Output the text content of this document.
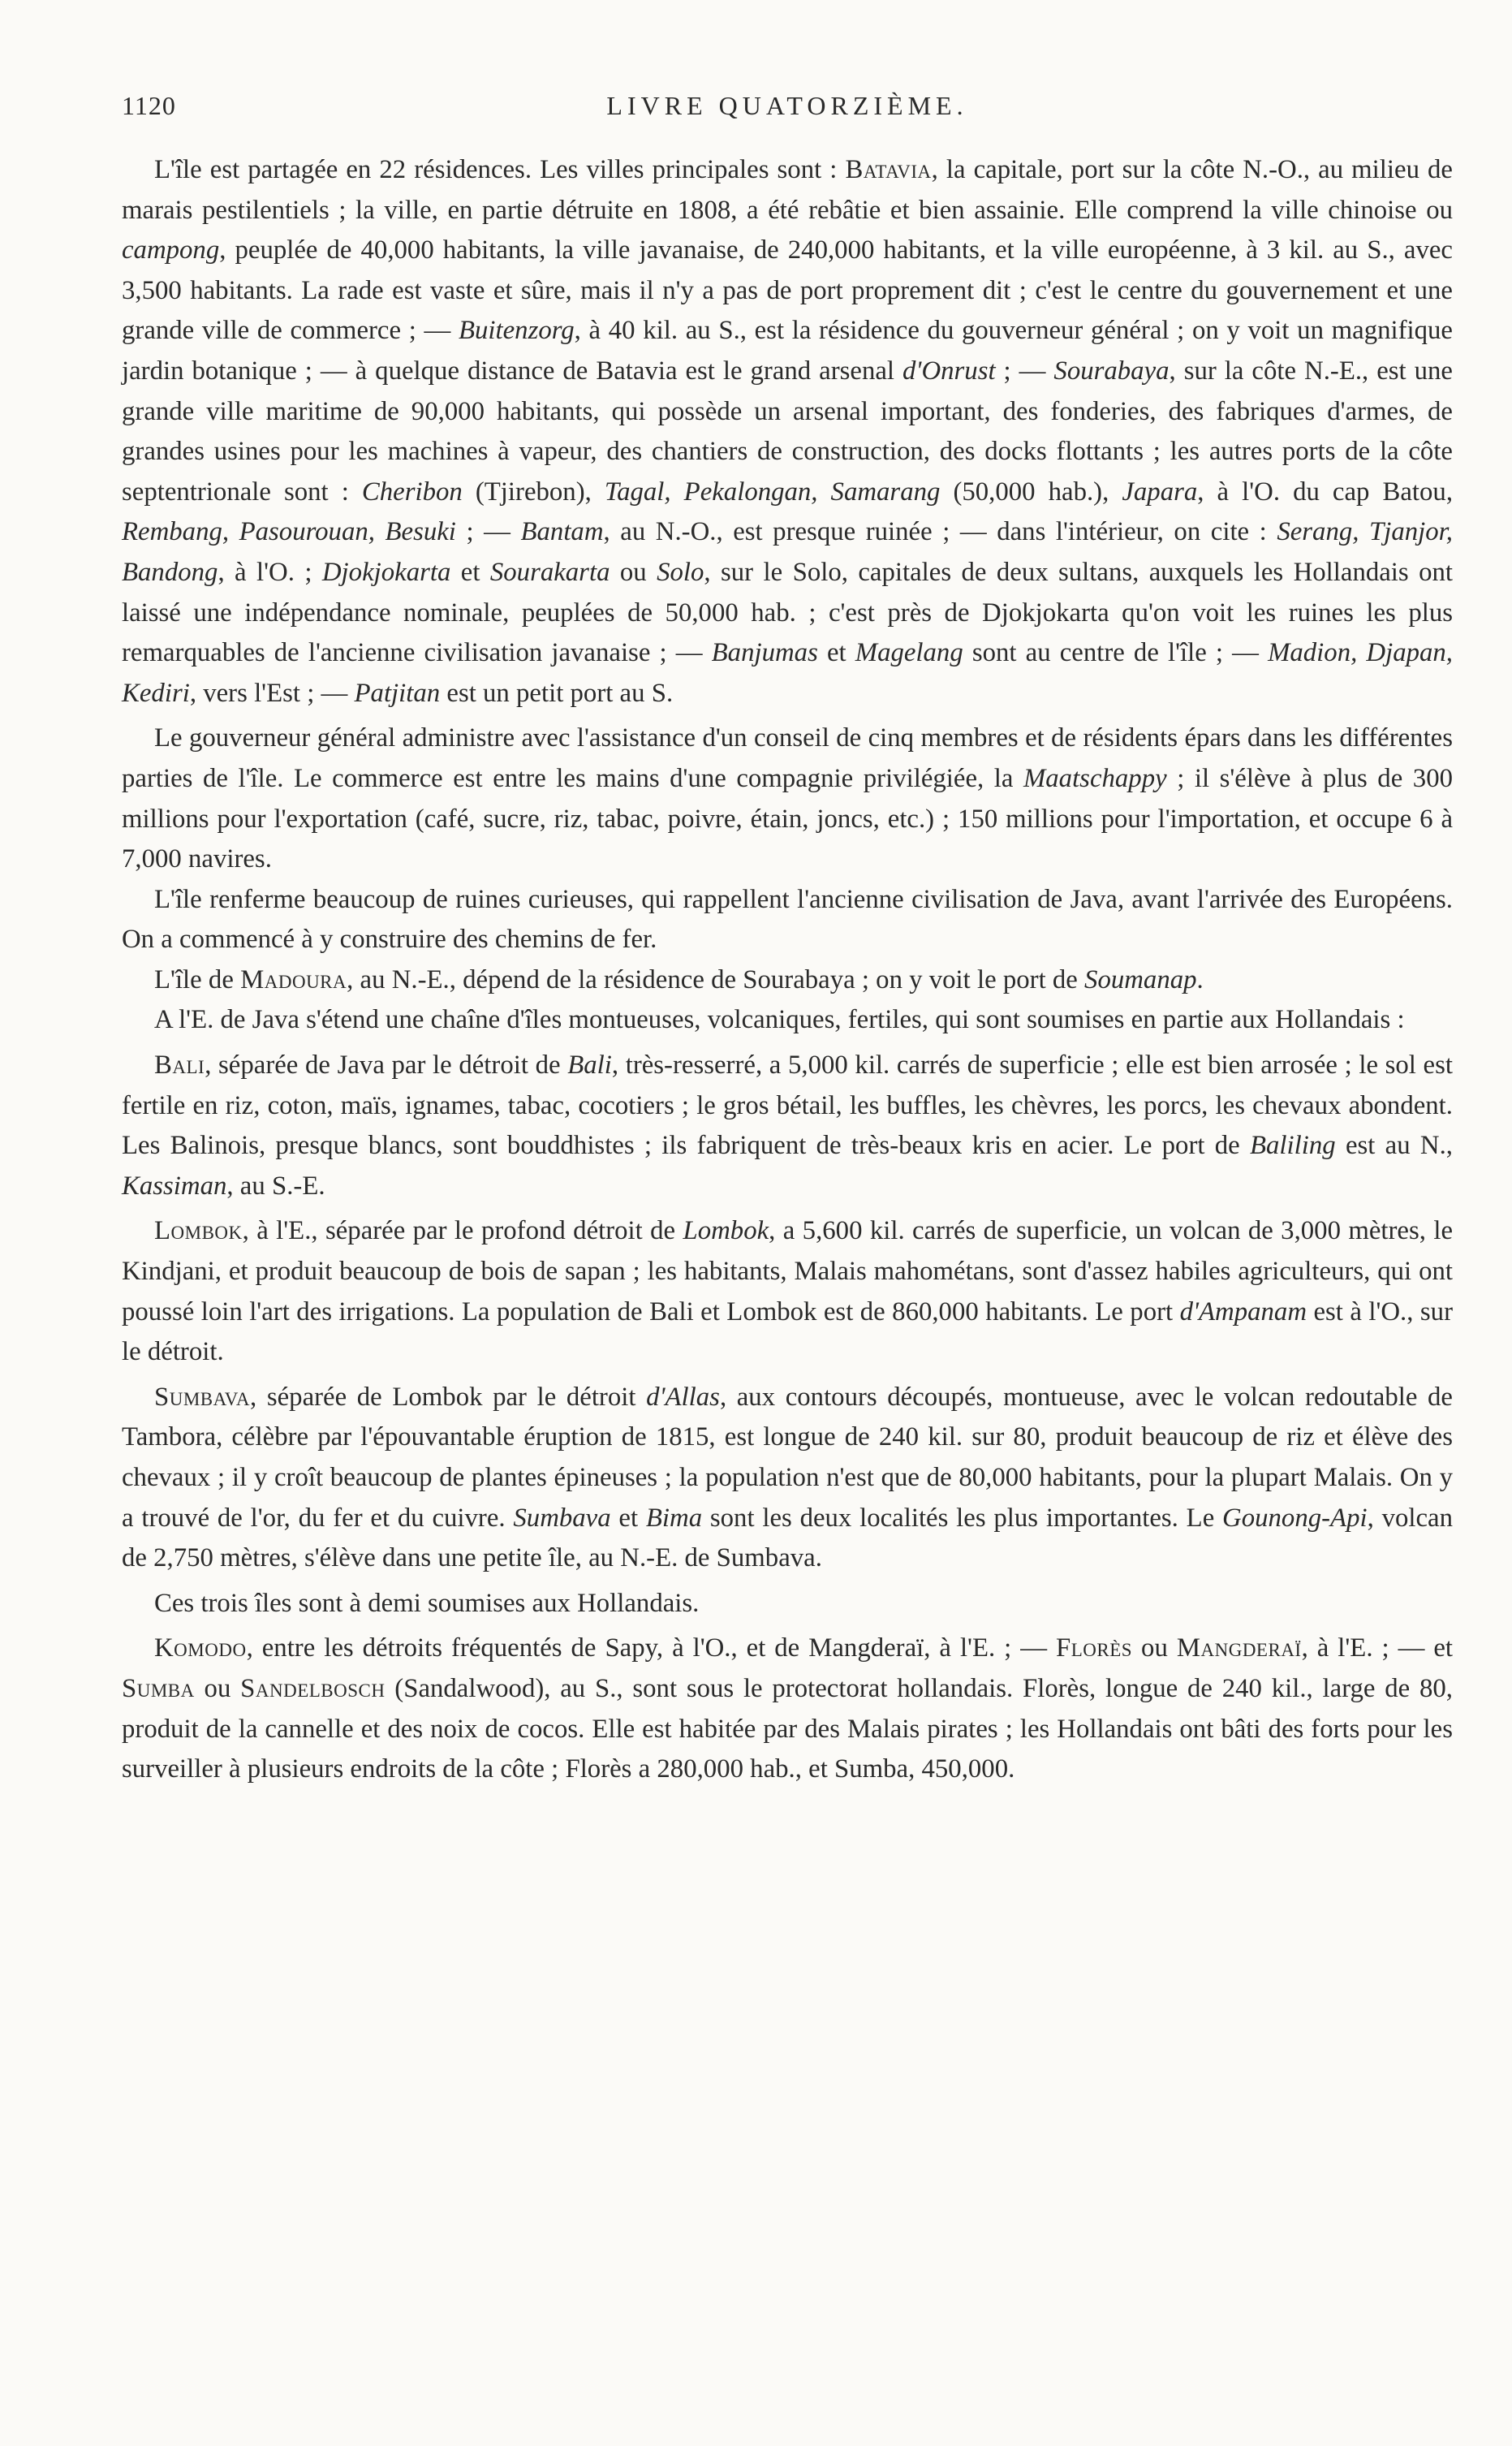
1120	LIVRE QUATORZIÈME.

L'île est partagée en 22 résidences. Les villes principales sont : Batavia, la capitale, port sur la côte N.-O., au milieu de marais pestilentiels ; la ville, en partie détruite en 1808, a été rebâtie et bien assainie. Elle comprend la ville chinoise ou campong, peuplée de 40,000 habitants, la ville javanaise, de 240,000 habitants, et la ville européenne, à 3 kil. au S., avec 3,500 habitants. La rade est vaste et sûre, mais il n'y a pas de port proprement dit ; c'est le centre du gouvernement et une grande ville de commerce ; — Buitenzorg, à 40 kil. au S., est la résidence du gouverneur général ; on y voit un magnifique jardin botanique ; — à quelque distance de Batavia est le grand arsenal d'Onrust ; — Sourabaya, sur la côte N.-E., est une grande ville maritime de 90,000 habitants, qui possède un arsenal important, des fonderies, des fabriques d'armes, de grandes usines pour les machines à vapeur, des chantiers de construction, des docks flottants ; les autres ports de la côte septentrionale sont : Cheribon (Tjirebon), Tagal, Pekalongan, Samarang (50,000 hab.), Japara, à l'O. du cap Batou, Rembang, Pasourouan, Besuki ; — Bantam, au N.-O., est presque ruinée ; — dans l'intérieur, on cite : Serang, Tjanjor, Bandong, à l'O. ; Djokjokarta et Sourakarta ou Solo, sur le Solo, capitales de deux sultans, auxquels les Hollandais ont laissé une indépendance nominale, peuplées de 50,000 hab. ; c'est près de Djokjokarta qu'on voit les ruines les plus remarquables de l'ancienne civilisation javanaise ; — Banjumas et Magelang sont au centre de l'île ; — Madion, Djapan, Kediri, vers l'Est ; — Patjitan est un petit port au S.

Le gouverneur général administre avec l'assistance d'un conseil de cinq membres et de résidents épars dans les différentes parties de l'île. Le commerce est entre les mains d'une compagnie privilégiée, la Maatschappy ; il s'élève à plus de 300 millions pour l'exportation (café, sucre, riz, tabac, poivre, étain, joncs, etc.) ; 150 millions pour l'importation, et occupe 6 à 7,000 navires.

L'île renferme beaucoup de ruines curieuses, qui rappellent l'ancienne civilisation de Java, avant l'arrivée des Européens. On a commencé à y construire des chemins de fer.

L'île de Madoura, au N.-E., dépend de la résidence de Sourabaya ; on y voit le port de Soumanap.

A l'E. de Java s'étend une chaîne d'îles montueuses, volcaniques, fertiles, qui sont soumises en partie aux Hollandais :

Bali, séparée de Java par le détroit de Bali, très-resserré, a 5,000 kil. carrés de superficie ; elle est bien arrosée ; le sol est fertile en riz, coton, maïs, ignames, tabac, cocotiers ; le gros bétail, les buffles, les chèvres, les porcs, les chevaux abondent. Les Balinois, presque blancs, sont bouddhistes ; ils fabriquent de très-beaux kris en acier. Le port de Baliling est au N., Kassiman, au S.-E.

Lombok, à l'E., séparée par le profond détroit de Lombok, a 5,600 kil. carrés de superficie, un volcan de 3,000 mètres, le Kindjani, et produit beaucoup de bois de sapan ; les habitants, Malais mahométans, sont d'assez habiles agriculteurs, qui ont poussé loin l'art des irrigations. La population de Bali et Lombok est de 860,000 habitants. Le port d'Ampanam est à l'O., sur le détroit.

Sumbava, séparée de Lombok par le détroit d'Allas, aux contours découpés, montueuse, avec le volcan redoutable de Tambora, célèbre par l'épouvantable éruption de 1815, est longue de 240 kil. sur 80, produit beaucoup de riz et élève des chevaux ; il y croît beaucoup de plantes épineuses ; la population n'est que de 80,000 habitants, pour la plupart Malais. On y a trouvé de l'or, du fer et du cuivre. Sumbava et Bima sont les deux localités les plus importantes. Le Gounong-Api, volcan de 2,750 mètres, s'élève dans une petite île, au N.-E. de Sumbava.

Ces trois îles sont à demi soumises aux Hollandais.

Komodo, entre les détroits fréquentés de Sapy, à l'O., et de Mangderaï, à l'E. ; — Florès ou Mangderaï, à l'E. ; — et Sumba ou Sandelbosch (Sandalwood), au S., sont sous le protectorat hollandais. Florès, longue de 240 kil., large de 80, produit de la cannelle et des noix de cocos. Elle est habitée par des Malais pirates ; les Hollandais ont bâti des forts pour les surveiller à plusieurs endroits de la côte ; Florès a 280,000 hab., et Sumba, 450,000.
